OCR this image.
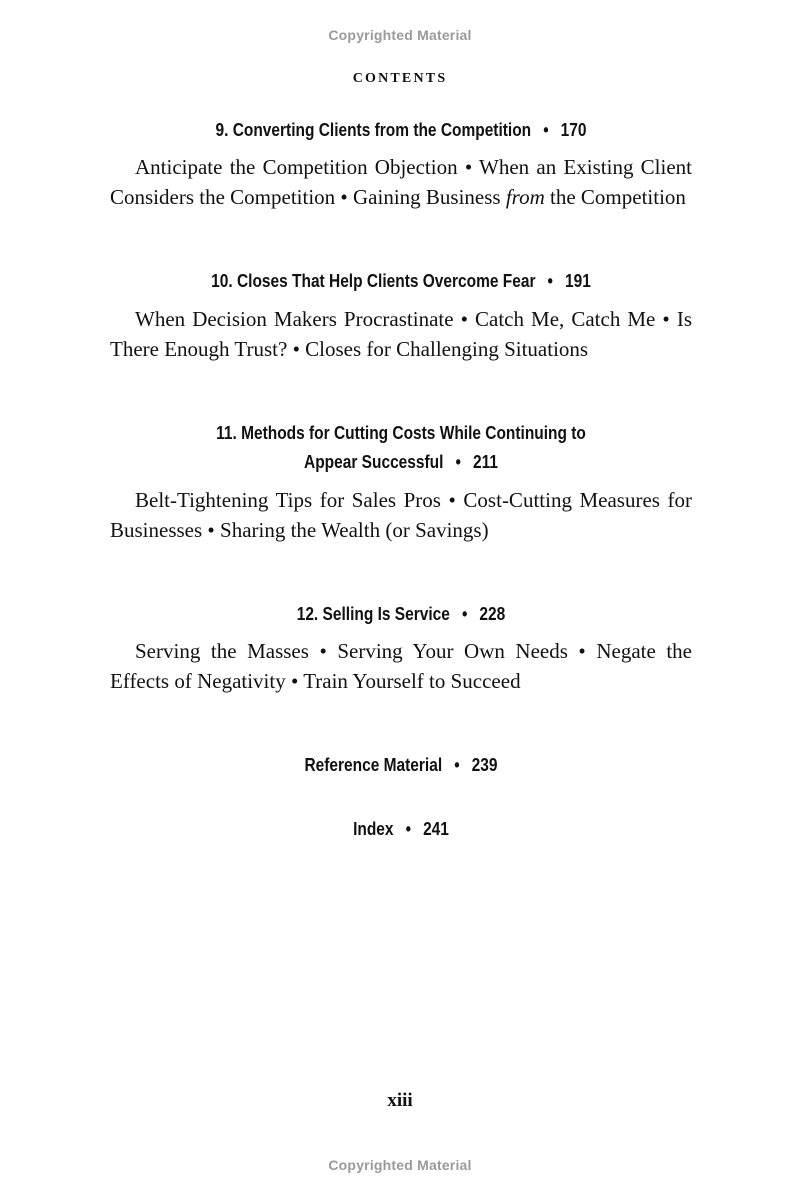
Copyrighted Material
CONTENTS
9. Converting Clients from the Competition • 170

Anticipate the Competition Objection • When an Existing Client Considers the Competition • Gaining Business from the Competition

10. Closes That Help Clients Overcome Fear • 191

When Decision Makers Procrastinate • Catch Me, Catch Me • Is There Enough Trust? • Closes for Challenging Situations

11. Methods for Cutting Costs While Continuing to
Appear Successful • 211

Belt-Tightening Tips for Sales Pros • Cost-Cutting Measures for Businesses • Sharing the Wealth (or Savings)

12. Selling Is Service • 228

Serving the Masses • Serving Your Own Needs • Negate the Effects of Negativity • Train Yourself to Succeed

Reference Material • 239
Index • 241
xiii
Copyrighted Material
